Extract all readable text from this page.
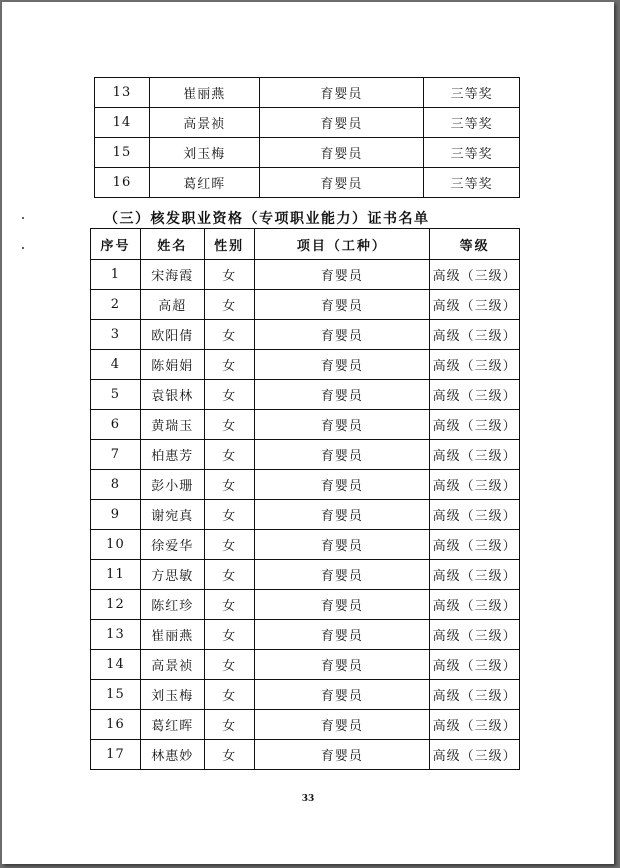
13	崔丽燕	育婴员	三等奖
14	高景祯	育婴员	三等奖
15	刘玉梅	育婴员	三等奖
16	葛红晖	育婴员	三等奖
（三）核发职业资格（专项职业能力）证书名单
序号	姓名	性别	项目（工种）	等级
1	宋海霞	女	育婴员	高级（三级）
2	高超	女	育婴员	高级（三级）
3	欧阳倩	女	育婴员	高级（三级）
4	陈娟娟	女	育婴员	高级（三级）
5	袁银林	女	育婴员	高级（三级）
6	黄瑞玉	女	育婴员	高级（三级）
7	柏惠芳	女	育婴员	高级（三级）
8	彭小珊	女	育婴员	高级（三级）
9	谢宛真	女	育婴员	高级（三级）
10	徐爱华	女	育婴员	高级（三级）
11	方思敏	女	育婴员	高级（三级）
12	陈红珍	女	育婴员	高级（三级）
13	崔丽燕	女	育婴员	高级（三级）
14	高景祯	女	育婴员	高级（三级）
15	刘玉梅	女	育婴员	高级（三级）
16	葛红晖	女	育婴员	高级（三级）
17	林惠妙	女	育婴员	高级（三级）
33
